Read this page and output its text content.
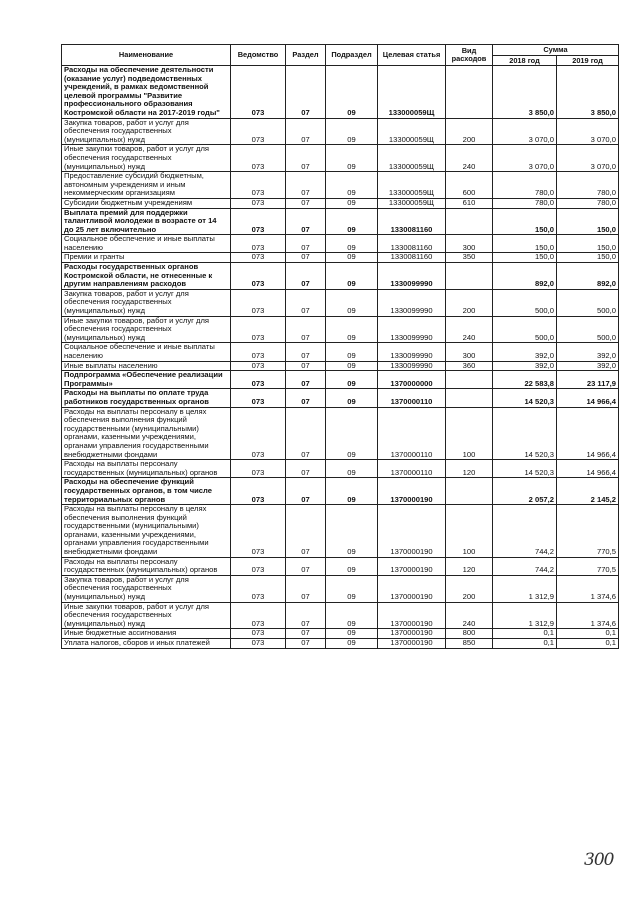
Наименование	Ведомство	Раздел	Подраздел	Целевая статья	Вид расходов	Сумма	
						2018 год	2019 год
Расходы на обеспечение деятельности (оказание услуг) подведомственных учреждений, в рамках ведомственной целевой программы "Развитие профессионального образования Костромской области на 2017-2019 годы"	073	07	09	133000059Щ		3 850,0	3 850,0
Закупка товаров, работ и услуг для обеспечения государственных (муниципальных) нужд	073	07	09	133000059Щ	200	3 070,0	3 070,0
Иные закупки товаров, работ и услуг для обеспечения государственных (муниципальных) нужд	073	07	09	133000059Щ	240	3 070,0	3 070,0
Предоставление субсидий бюджетным, автономным учреждениям и иным некоммерческим организациям	073	07	09	133000059Щ	600	780,0	780,0
Субсидии бюджетным учреждениям	073	07	09	133000059Щ	610	780,0	780,0
Выплата премий для поддержки талантливой молодежи в возрасте от 14 до 25 лет включительно	073	07	09	1330081160		150,0	150,0
Социальное обеспечение и иные выплаты населению	073	07	09	1330081160	300	150,0	150,0
Премии и гранты	073	07	09	1330081160	350	150,0	150,0
Расходы государственных органов Костромской области, не отнесенные к другим направлениям расходов	073	07	09	1330099990		892,0	892,0
Закупка товаров, работ и услуг для обеспечения государственных (муниципальных) нужд	073	07	09	1330099990	200	500,0	500,0
Иные закупки товаров, работ и услуг для обеспечения государственных (муниципальных) нужд	073	07	09	1330099990	240	500,0	500,0
Социальное обеспечение и иные выплаты населению	073	07	09	1330099990	300	392,0	392,0
Иные выплаты населению	073	07	09	1330099990	360	392,0	392,0
Подпрограмма «Обеспечение реализации Программы»	073	07	09	1370000000		22 583,8	23 117,9
Расходы на выплаты по оплате труда работников государственных органов	073	07	09	1370000110		14 520,3	14 966,4
Расходы на выплаты персоналу в целях обеспечения выполнения функций государственными (муниципальными) органами, казенными учреждениями, органами управления государственными внебюджетными фондами	073	07	09	1370000110	100	14 520,3	14 966,4
Расходы на выплаты персоналу государственных (муниципальных) органов	073	07	09	1370000110	120	14 520,3	14 966,4
Расходы на обеспечение функций государственных органов, в том числе территориальных органов	073	07	09	1370000190		2 057,2	2 145,2
Расходы на выплаты персоналу в целях обеспечения выполнения функций государственными (муниципальными) органами, казенными учреждениями, органами управления государственными внебюджетными фондами	073	07	09	1370000190	100	744,2	770,5
Расходы на выплаты персоналу государственных (муниципальных) органов	073	07	09	1370000190	120	744,2	770,5
Закупка товаров, работ и услуг для обеспечения государственных (муниципальных) нужд	073	07	09	1370000190	200	1 312,9	1 374,6
Иные закупки товаров, работ и услуг для обеспечения государственных (муниципальных) нужд	073	07	09	1370000190	240	1 312,9	1 374,6
Иные бюджетные ассигнования	073	07	09	1370000190	800	0,1	0,1
Уплата налогов, сборов и иных платежей	073	07	09	1370000190	850	0,1	0,1
300
